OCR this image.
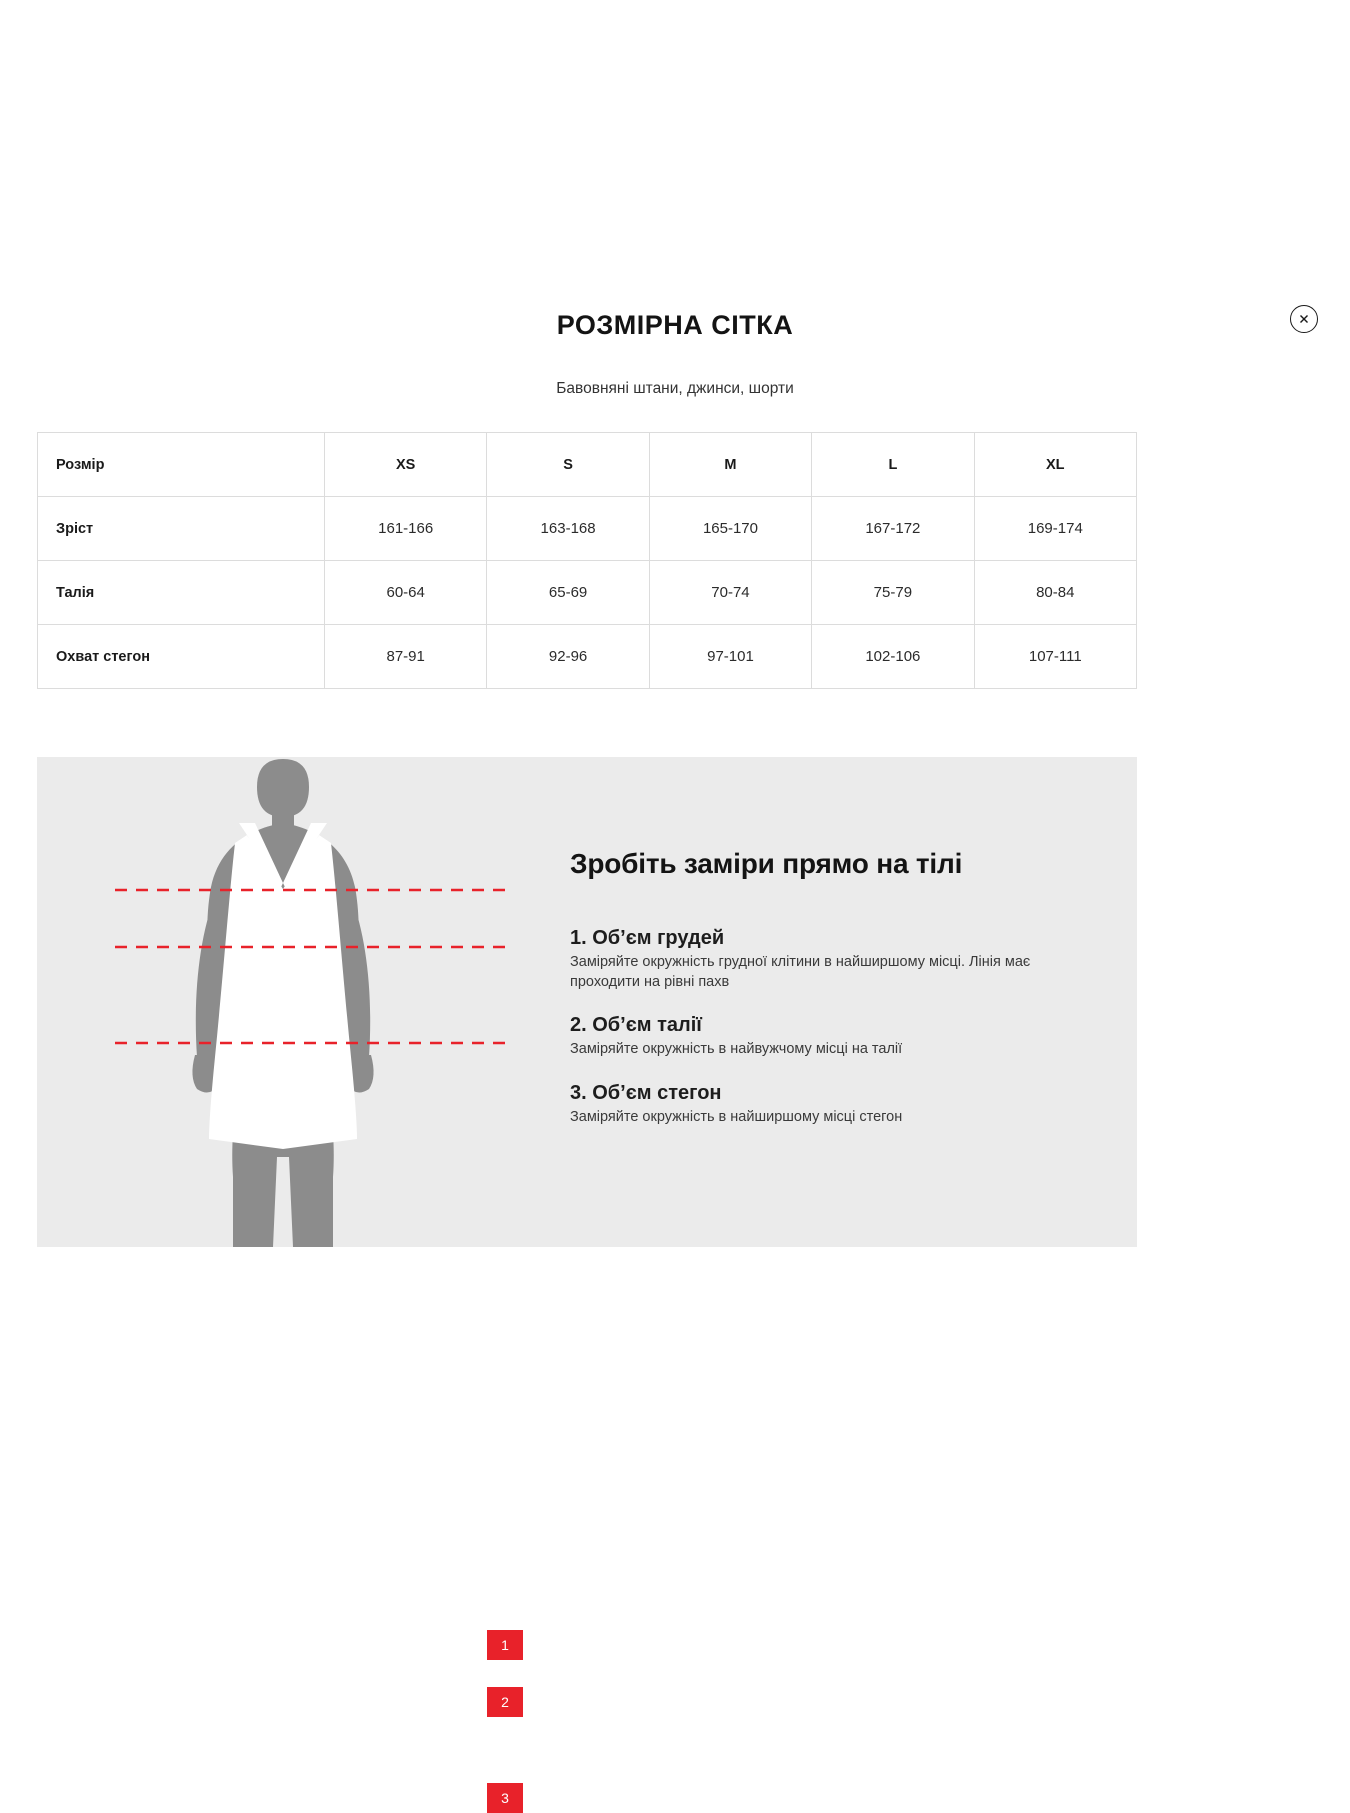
РОЗМІРНА СІТКА
Бавовняні штани, джинси, шорти
Розмір	XS	S	M	L	XL
Зріст	161-166	163-168	165-170	167-172	169-174
Талія	60-64	65-69	70-74	75-79	80-84
Охват стегон	87-91	92-96	97-101	102-106	107-111
1
2
3
Зробіть заміри прямо на тілі
1. Об’єм грудей

Заміряйте окружність грудної клітини в найширшому місці. Лінія має проходити на рівні пахв

2. Об’єм талії

Заміряйте окружність в найвужчому місці на талії

3. Об’єм стегон

Заміряйте окружність в найширшому місці стегон
